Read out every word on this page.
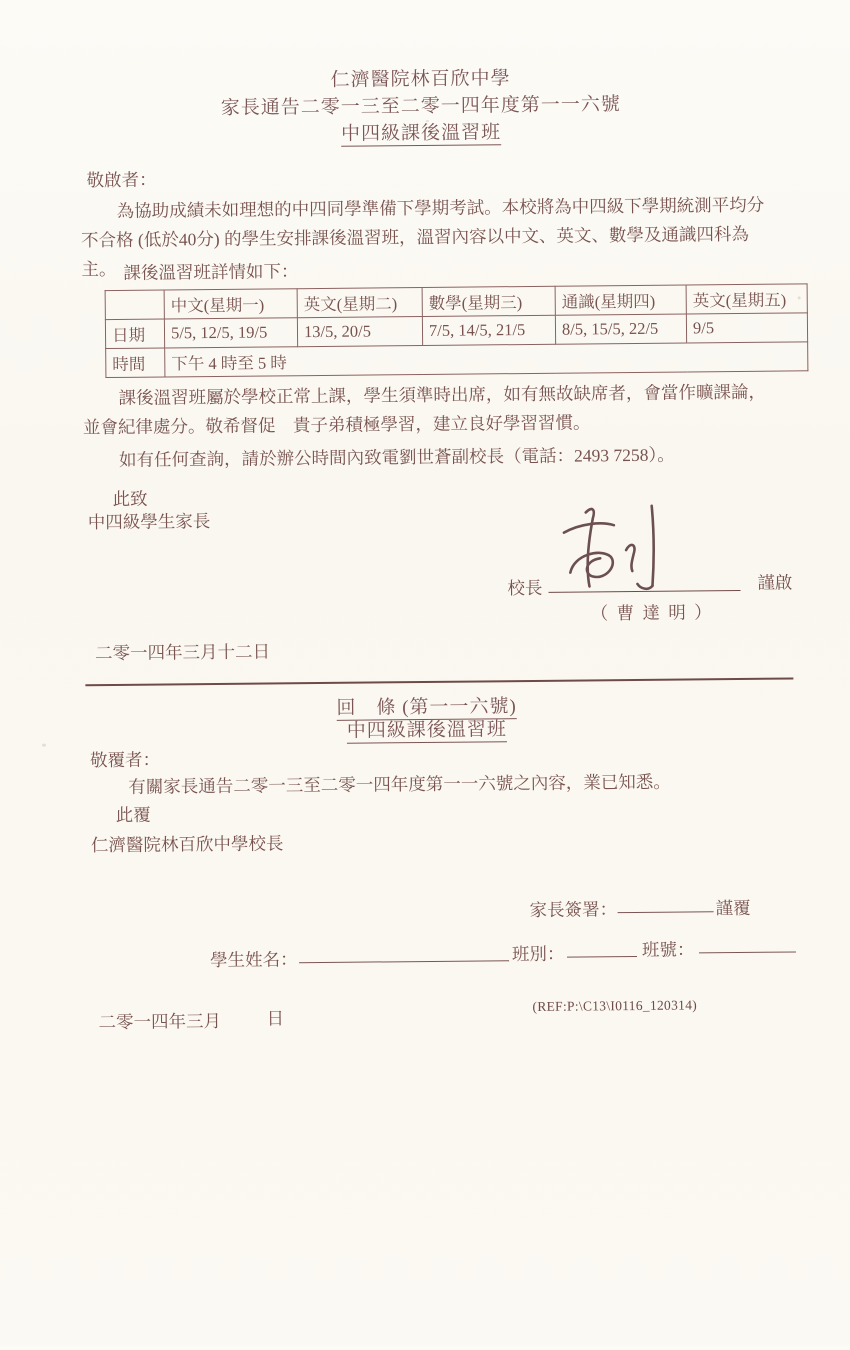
仁濟醫院林百欣中學
家長通告二零一三至二零一四年度第一一六號
中四級課後溫習班
敬啟者：
為協助成績未如理想的中四同學準備下學期考試。本校將為中四級下學期統測平均分不合格 (低於40分) 的學生安排課後溫習班，溫習內容以中文、英文、數學及通識四科為主。 課後溫習班詳情如下：
	中文(星期一)	英文(星期二)	數學(星期三)	通識(星期四)	英文(星期五)
日期	5/5, 12/5, 19/5	13/5, 20/5	7/5, 14/5, 21/5	8/5, 15/5, 22/5	9/5
時間	下午 4 時至 5 時				
課後溫習班屬於學校正常上課，學生須準時出席，如有無故缺席者，會當作曠課論，並會紀律處分。敬希督促　貴子弟積極學習，建立良好學習習慣。
如有任何查詢，請於辦公時間內致電劉世蒼副校長（電話：2493 7258）。
此致
中四級學生家長
校長	謹啟
（ 曹 達 明 ）
二零一四年三月十二日
回　條 (第一一六號)
中四級課後溫習班
敬覆者：
有關家長通告二零一三至二零一四年度第一一六號之內容，業已知悉。
此覆
仁濟醫院林百欣中學校長
家長簽署：	謹覆
學生姓名：	班別：	班號：
二零一四年三月	日
(REF:P:\C13\I0116_120314)
